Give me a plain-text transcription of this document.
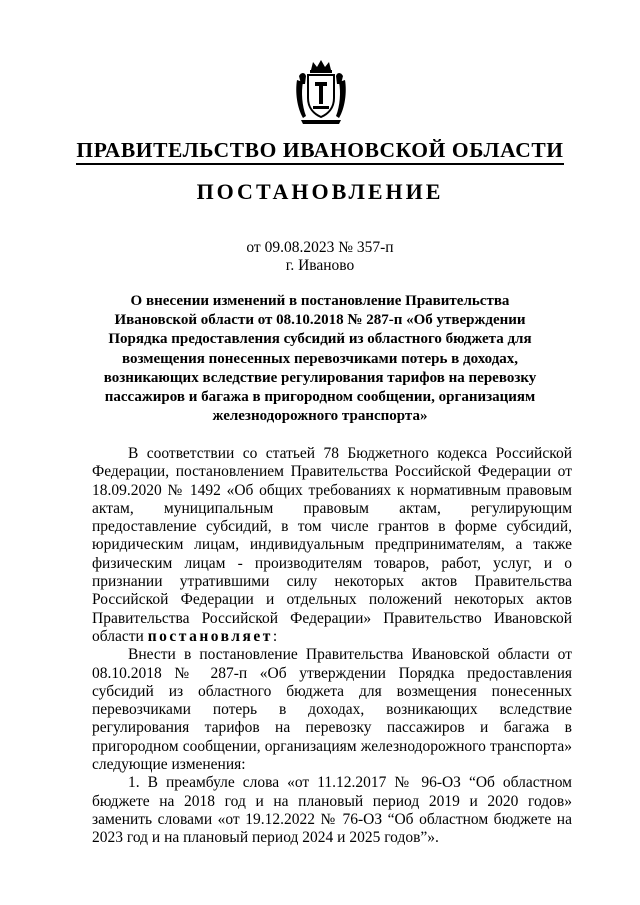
ПРАВИТЕЛЬСТВО ИВАНОВСКОЙ ОБЛАСТИ
ПОСТАНОВЛЕНИЕ
от 09.08.2023 № 357-п
г. Иваново
О внесении изменений в постановление Правительства Ивановской области от 08.10.2018 № 287-п «Об утверждении Порядка предоставления субсидий из областного бюджета для возмещения понесенных перевозчиками потерь в доходах, возникающих вследствие регулирования тарифов на перевозку пассажиров и багажа в пригородном сообщении, организациям железнодорожного транспорта»

В соответствии со статьей 78 Бюджетного кодекса Российской Федерации, постановлением Правительства Российской Федерации от 18.09.2020 № 1492 «Об общих требованиях к нормативным правовым актам, муниципальным правовым актам, регулирующим предоставление субсидий, в том числе грантов в форме субсидий, юридическим лицам, индивидуальным предпринимателям, а также физическим лицам - производителям товаров, работ, услуг, и о признании утратившими силу некоторых актов Правительства Российской Федерации и отдельных положений некоторых актов Правительства Российской Федерации» Правительство Ивановской области постановляет:

Внести в постановление Правительства Ивановской области от 08.10.2018 № 287-п «Об утверждении Порядка предоставления субсидий из областного бюджета для возмещения понесенных перевозчиками потерь в доходах, возникающих вследствие регулирования тарифов на перевозку пассажиров и багажа в пригородном сообщении, организациям железнодорожного транспорта» следующие изменения:

1. В преамбуле слова «от 11.12.2017 № 96-ОЗ “Об областном бюджете на 2018 год и на плановый период 2019 и 2020 годов» заменить словами «от 19.12.2022 № 76-ОЗ “Об областном бюджете на 2023 год и на плановый период 2024 и 2025 годов”».
